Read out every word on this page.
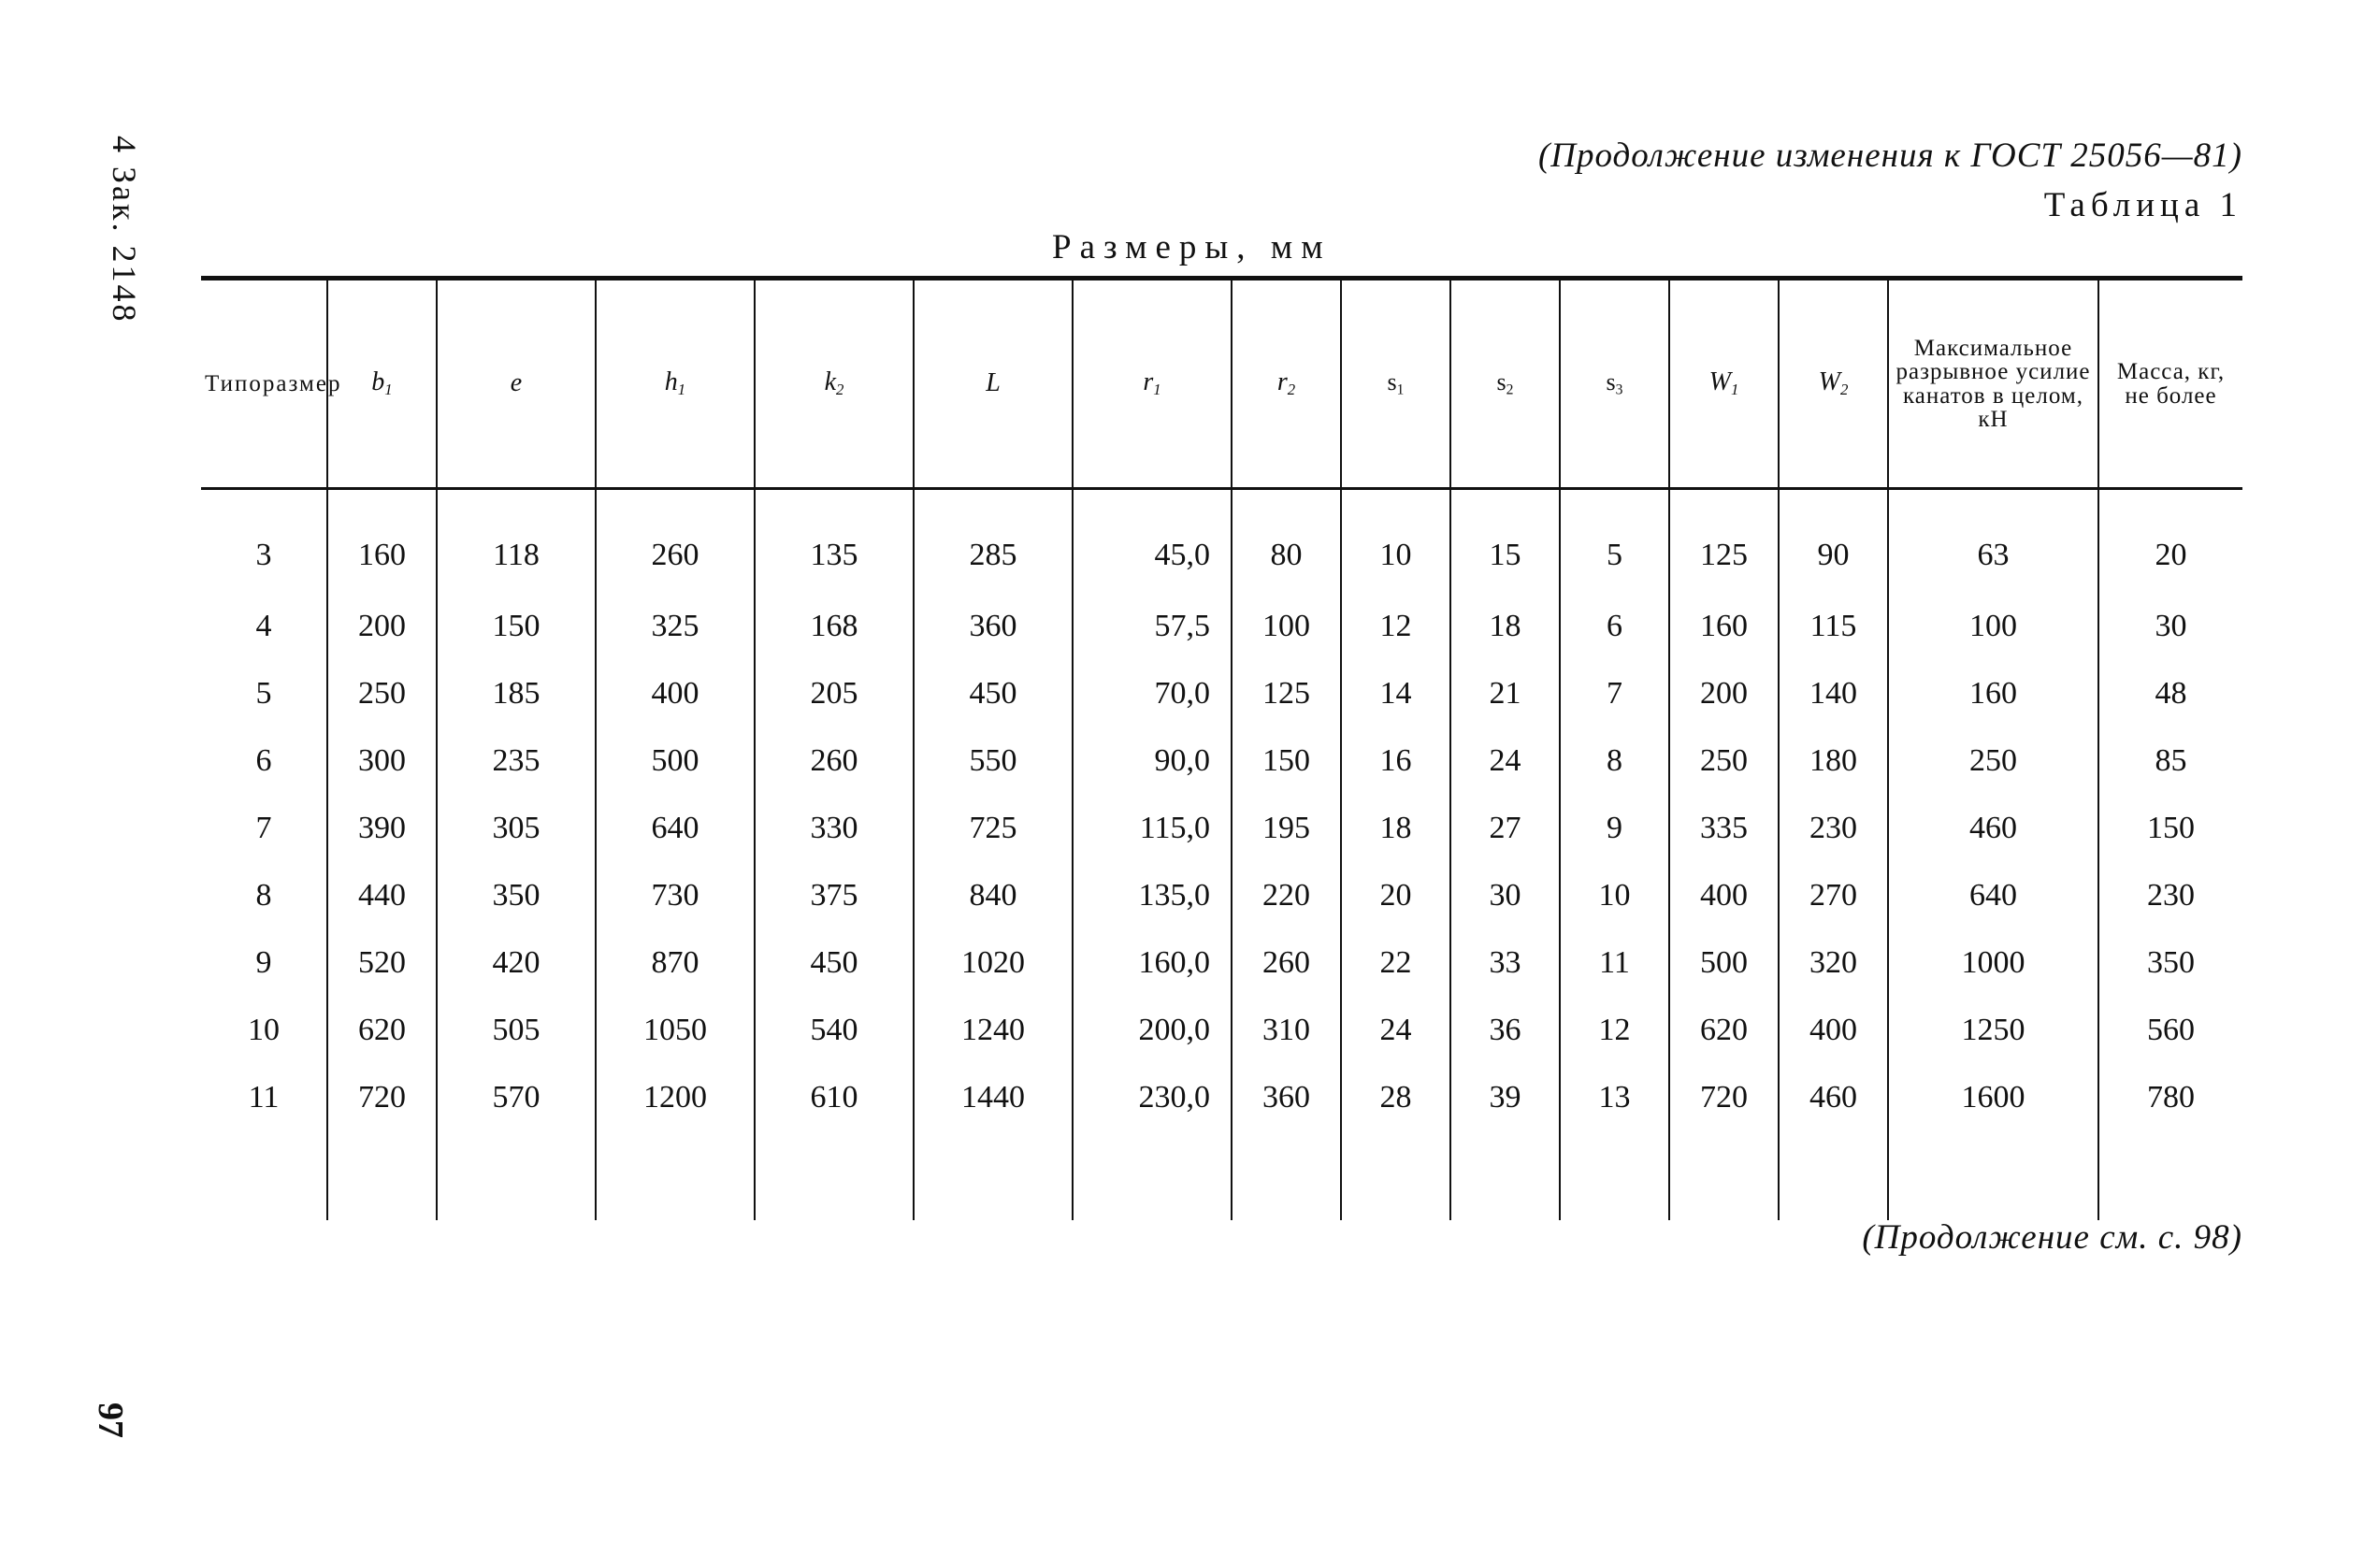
4 Зак. 2148
97
(Продолжение изменения к ГОСТ 25056—81)
Таблица 1
Размеры, мм
Типоразмер	$b_1$	e	$h_1$	$k_2$	L	$r_1$	$r_2$	$s_1$	$s_2$	$s_3$	$W_1$	$W_2$	Максимальное разрывное усилие канатов в целом, кН	Масса, кг, не более
3	160	118	260	135	285	45,0	80	10	15	5	125	90	63	20
4	200	150	325	168	360	57,5	100	12	18	6	160	115	100	30
5	250	185	400	205	450	70,0	125	14	21	7	200	140	160	48
6	300	235	500	260	550	90,0	150	16	24	8	250	180	250	85
7	390	305	640	330	725	115,0	195	18	27	9	335	230	460	150
8	440	350	730	375	840	135,0	220	20	30	10	400	270	640	230
9	520	420	870	450	1020	160,0	260	22	33	11	500	320	1000	350
10	620	505	1050	540	1240	200,0	310	24	36	12	620	400	1250	560
11	720	570	1200	610	1440	230,0	360	28	39	13	720	460	1600	780

(Продолжение см. с. 98)
